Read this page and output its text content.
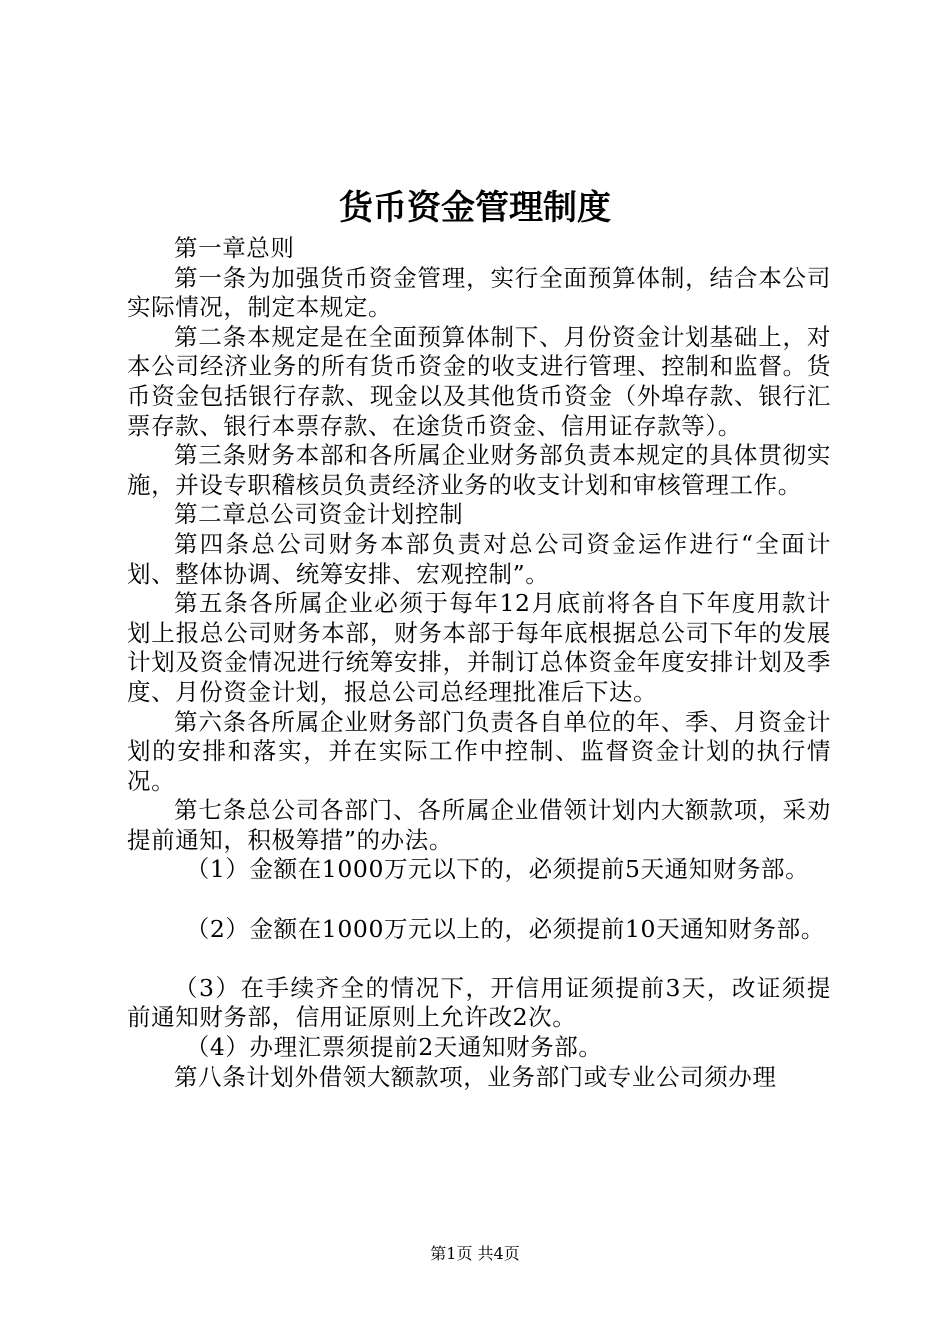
货币资金管理制度

第一章总则

第一条为加强货币资金管理，实行全面预算体制，结合本公司实际情况，制定本规定。

第二条本规定是在全面预算体制下、月份资金计划基础上，对本公司经济业务的所有货币资金的收支进行管理、控制和监督。货币资金包括银行存款、现金以及其他货币资金（外埠存款、银行汇票存款、银行本票存款、在途货币资金、信用证存款等）。

第三条财务本部和各所属企业财务部负责本规定的具体贯彻实施，并设专职稽核员负责经济业务的收支计划和审核管理工作。

第二章总公司资金计划控制

第四条总公司财务本部负责对总公司资金运作进行“全面计划、整体协调、统筹安排、宏观控制”。

第五条各所属企业必须于每年12月底前将各自下年度用款计划上报总公司财务本部，财务本部于每年底根据总公司下年的发展计划及资金情况进行统筹安排，并制订总体资金年度安排计划及季度、月份资金计划，报总公司总经理批准后下达。

第六条各所属企业财务部门负责各自单位的年、季、月资金计划的安排和落实，并在实际工作中控制、监督资金计划的执行情况。

第七条总公司各部门、各所属企业借领计划内大额款项，采劝提前通知，积极筹措”的办法。

（1）金额在1000万元以下的，必须提前5天通知财务部。

（2）金额在1000万元以上的，必须提前10天通知财务部。

（3）在手续齐全的情况下，开信用证须提前3天，改证须提前通知财务部，信用证原则上允许改2次。

（4）办理汇票须提前2天通知财务部。

第八条计划外借领大额款项，业务部门或专业公司须办理

第1页 共4页
